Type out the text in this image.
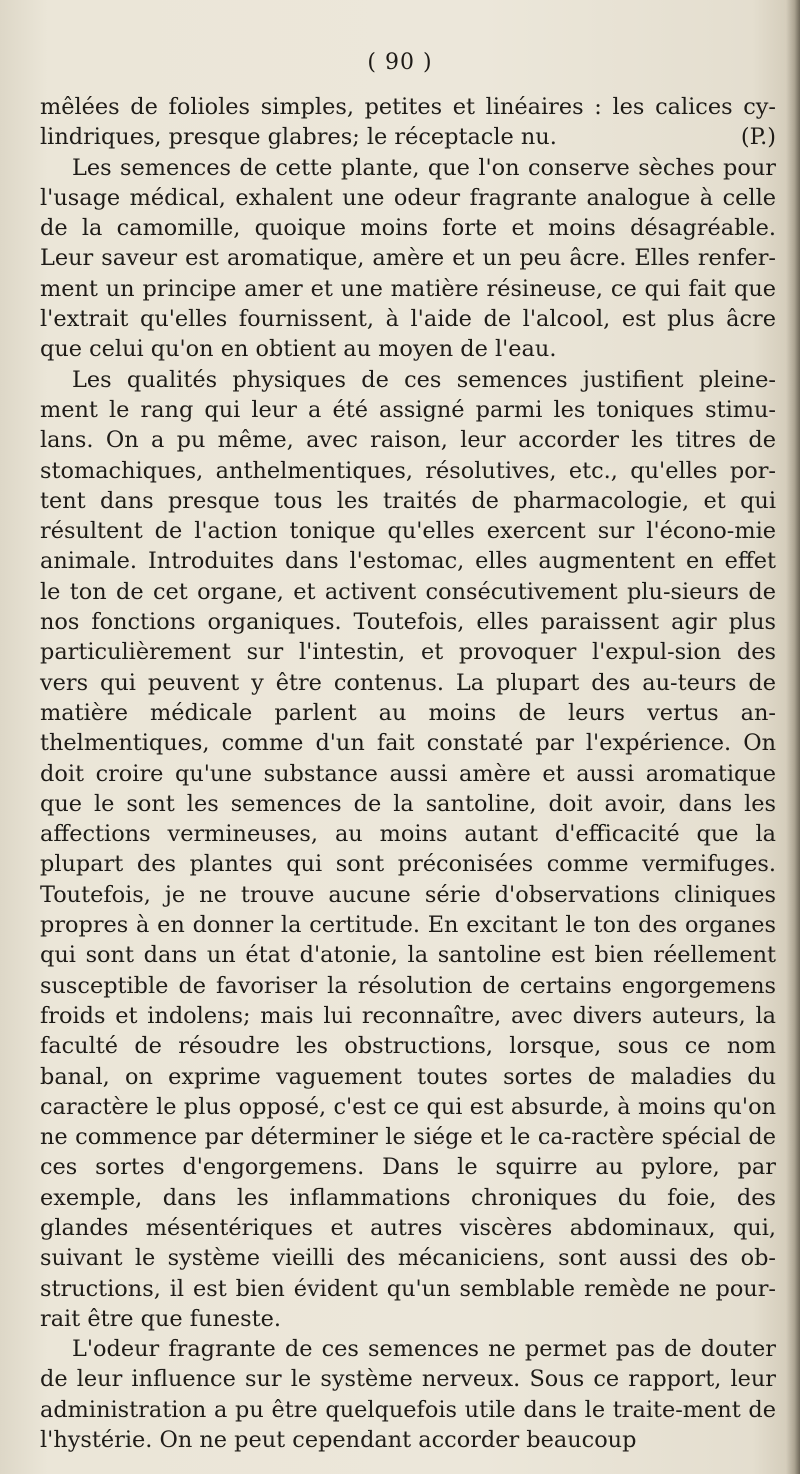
( 90 )

mêlées de folioles simples, petites et linéaires : les calices cy-lindriques, presque glabres; le réceptacle nu.	(P.)

Les semences de cette plante, que l'on conserve sèches pour l'usage médical, exhalent une odeur fragrante analogue à celle de la camomille, quoique moins forte et moins désagréable. Leur saveur est aromatique, amère et un peu âcre. Elles renfer-ment un principe amer et une matière résineuse, ce qui fait que l'extrait qu'elles fournissent, à l'aide de l'alcool, est plus âcre que celui qu'on en obtient au moyen de l'eau.

Les qualités physiques de ces semences justifient pleine-ment le rang qui leur a été assigné parmi les toniques stimu-lans. On a pu même, avec raison, leur accorder les titres de stomachiques, anthelmentiques, résolutives, etc., qu'elles por-tent dans presque tous les traités de pharmacologie, et qui résultent de l'action tonique qu'elles exercent sur l'écono-mie animale. Introduites dans l'estomac, elles augmentent en effet le ton de cet organe, et activent consécutivement plu-sieurs de nos fonctions organiques. Toutefois, elles paraissent agir plus particulièrement sur l'intestin, et provoquer l'expul-sion des vers qui peuvent y être contenus. La plupart des au-teurs de matière médicale parlent au moins de leurs vertus an-thelmentiques, comme d'un fait constaté par l'expérience. On doit croire qu'une substance aussi amère et aussi aromatique que le sont les semences de la santoline, doit avoir, dans les affections vermineuses, au moins autant d'efficacité que la plupart des plantes qui sont préconisées comme vermifuges. Toutefois, je ne trouve aucune série d'observations cliniques propres à en donner la certitude. En excitant le ton des organes qui sont dans un état d'atonie, la santoline est bien réellement susceptible de favoriser la résolution de certains engorgemens froids et indolens; mais lui reconnaître, avec divers auteurs, la faculté de résoudre les obstructions, lorsque, sous ce nom banal, on exprime vaguement toutes sortes de maladies du caractère le plus opposé, c'est ce qui est absurde, à moins qu'on ne commence par déterminer le siége et le ca-ractère spécial de ces sortes d'engorgemens. Dans le squirre au pylore, par exemple, dans les inflammations chroniques du foie, des glandes mésentériques et autres viscères abdominaux, qui, suivant le système vieilli des mécaniciens, sont aussi des ob-structions, il est bien évident qu'un semblable remède ne pour-rait être que funeste.

L'odeur fragrante de ces semences ne permet pas de douter de leur influence sur le système nerveux. Sous ce rapport, leur administration a pu être quelquefois utile dans le traite-ment de l'hystérie. On ne peut cependant accorder beaucoup
